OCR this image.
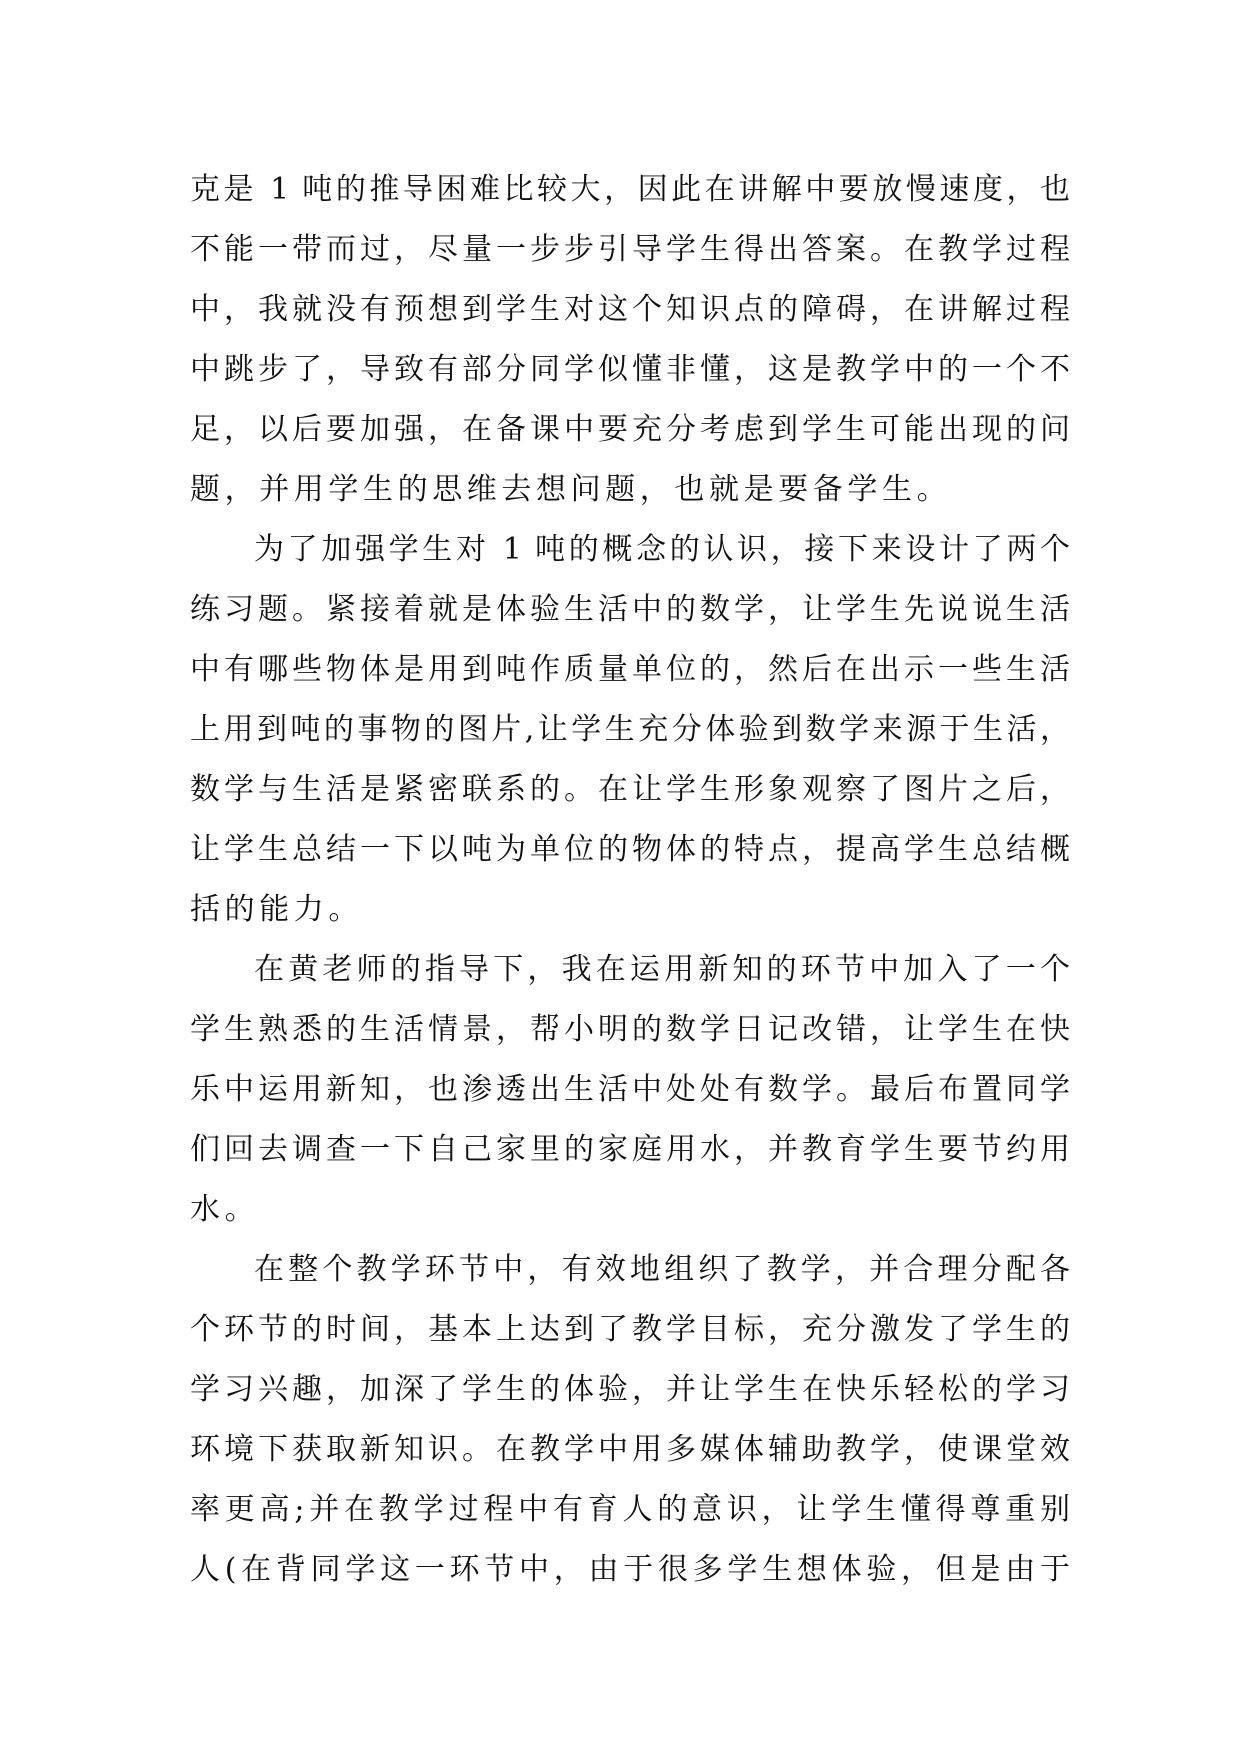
克是 1 吨的推导困难比较大，因此在讲解中要放慢速度，也
不能一带而过，尽量一步步引导学生得出答案。在教学过程
中，我就没有预想到学生对这个知识点的障碍，在讲解过程
中跳步了，导致有部分同学似懂非懂，这是教学中的一个不
足，以后要加强，在备课中要充分考虑到学生可能出现的问
题，并用学生的思维去想问题，也就是要备学生。
为了加强学生对 1 吨的概念的认识，接下来设计了两个
练习题。紧接着就是体验生活中的数学，让学生先说说生活
中有哪些物体是用到吨作质量单位的，然后在出示一些生活
上用到吨的事物的图片,让学生充分体验到数学来源于生活，
数学与生活是紧密联系的。在让学生形象观察了图片之后，
让学生总结一下以吨为单位的物体的特点，提高学生总结概
括的能力。
在黄老师的指导下，我在运用新知的环节中加入了一个
学生熟悉的生活情景，帮小明的数学日记改错，让学生在快
乐中运用新知，也渗透出生活中处处有数学。最后布置同学
们回去调查一下自己家里的家庭用水，并教育学生要节约用
水。
在整个教学环节中，有效地组织了教学，并合理分配各
个环节的时间，基本上达到了教学目标，充分激发了学生的
学习兴趣，加深了学生的体验，并让学生在快乐轻松的学习
环境下获取新知识。在教学中用多媒体辅助教学，使课堂效
率更高;并在教学过程中有育人的意识，让学生懂得尊重别
人(在背同学这一环节中，由于很多学生想体验，但是由于
